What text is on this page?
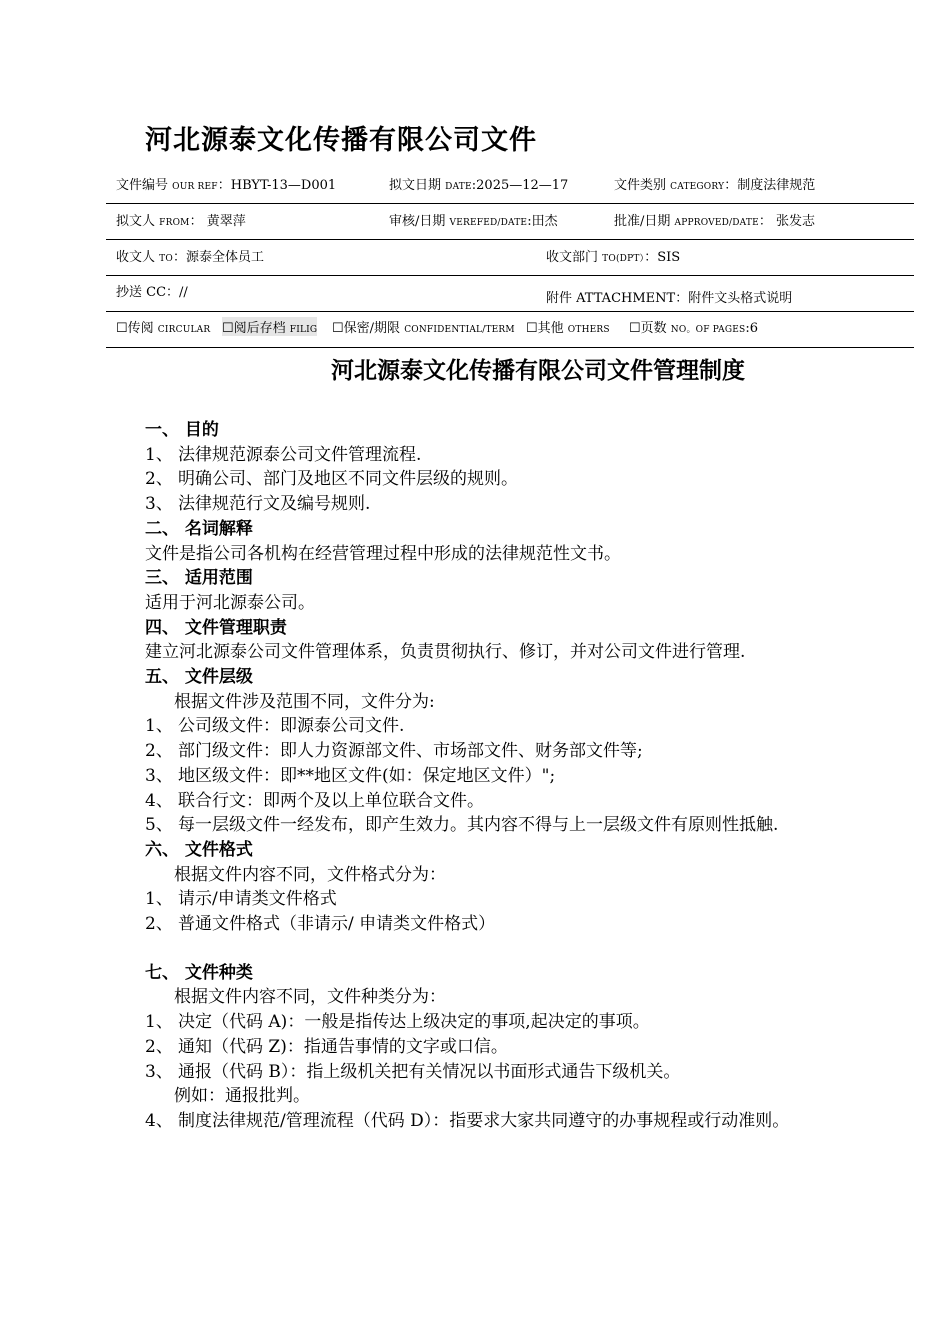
河北源泰文化传播有限公司文件
文件编号 OUR REF：HBYT-13—D001	拟文日期 DATE:2025—12—17	文件类别 CATEGORY：制度法律规范
拟文人 FROM： 黄翠萍	审核/日期 VEREFED/DATE:田杰	批准/日期 APPROVED/DATE： 张发志
收文人 TO：源泰全体员工	收文部门 TO(DPT）：SIS
抄送 CC：//	附件 ATTACHMENT：附件文头格式说明
☐传阅 CIRCULAR ☐阅后存档 FILIG ☐保密/期限 CONFIDENTIAL/TERM ☐其他 OTHERS ☐页数 NO。OF PAGES:6
河北源泰文化传播有限公司文件管理制度

一、 目的

1、 法律规范源泰公司文件管理流程.

2、 明确公司、部门及地区不同文件层级的规则。

3、 法律规范行文及编号规则.

二、 名词解释

文件是指公司各机构在经营管理过程中形成的法律规范性文书。

三、 适用范围

适用于河北源泰公司。

四、 文件管理职责

建立河北源泰公司文件管理体系，负责贯彻执行、修订，并对公司文件进行管理.

五、 文件层级

根据文件涉及范围不同，文件分为:

1、 公司级文件：即源泰公司文件.

2、 部门级文件：即人力资源部文件、市场部文件、财务部文件等;

3、 地区级文件：即**地区文件(如：保定地区文件）";

4、 联合行文：即两个及以上单位联合文件。

5、 每一层级文件一经发布，即产生效力。其内容不得与上一层级文件有原则性抵触.

六、 文件格式

根据文件内容不同，文件格式分为：

1、 请示/申请类文件格式

2、 普通文件格式（非请示/ 申请类文件格式）

七、 文件种类

根据文件内容不同，文件种类分为：

1、 决定（代码 A)：一般是指传达上级决定的事项,起决定的事项。

2、 通知（代码 Z)：指通告事情的文字或口信。

3、 通报（代码 B）：指上级机关把有关情况以书面形式通告下级机关。

例如：通报批判。

4、 制度法律规范/管理流程（代码 D）：指要求大家共同遵守的办事规程或行动准则。
